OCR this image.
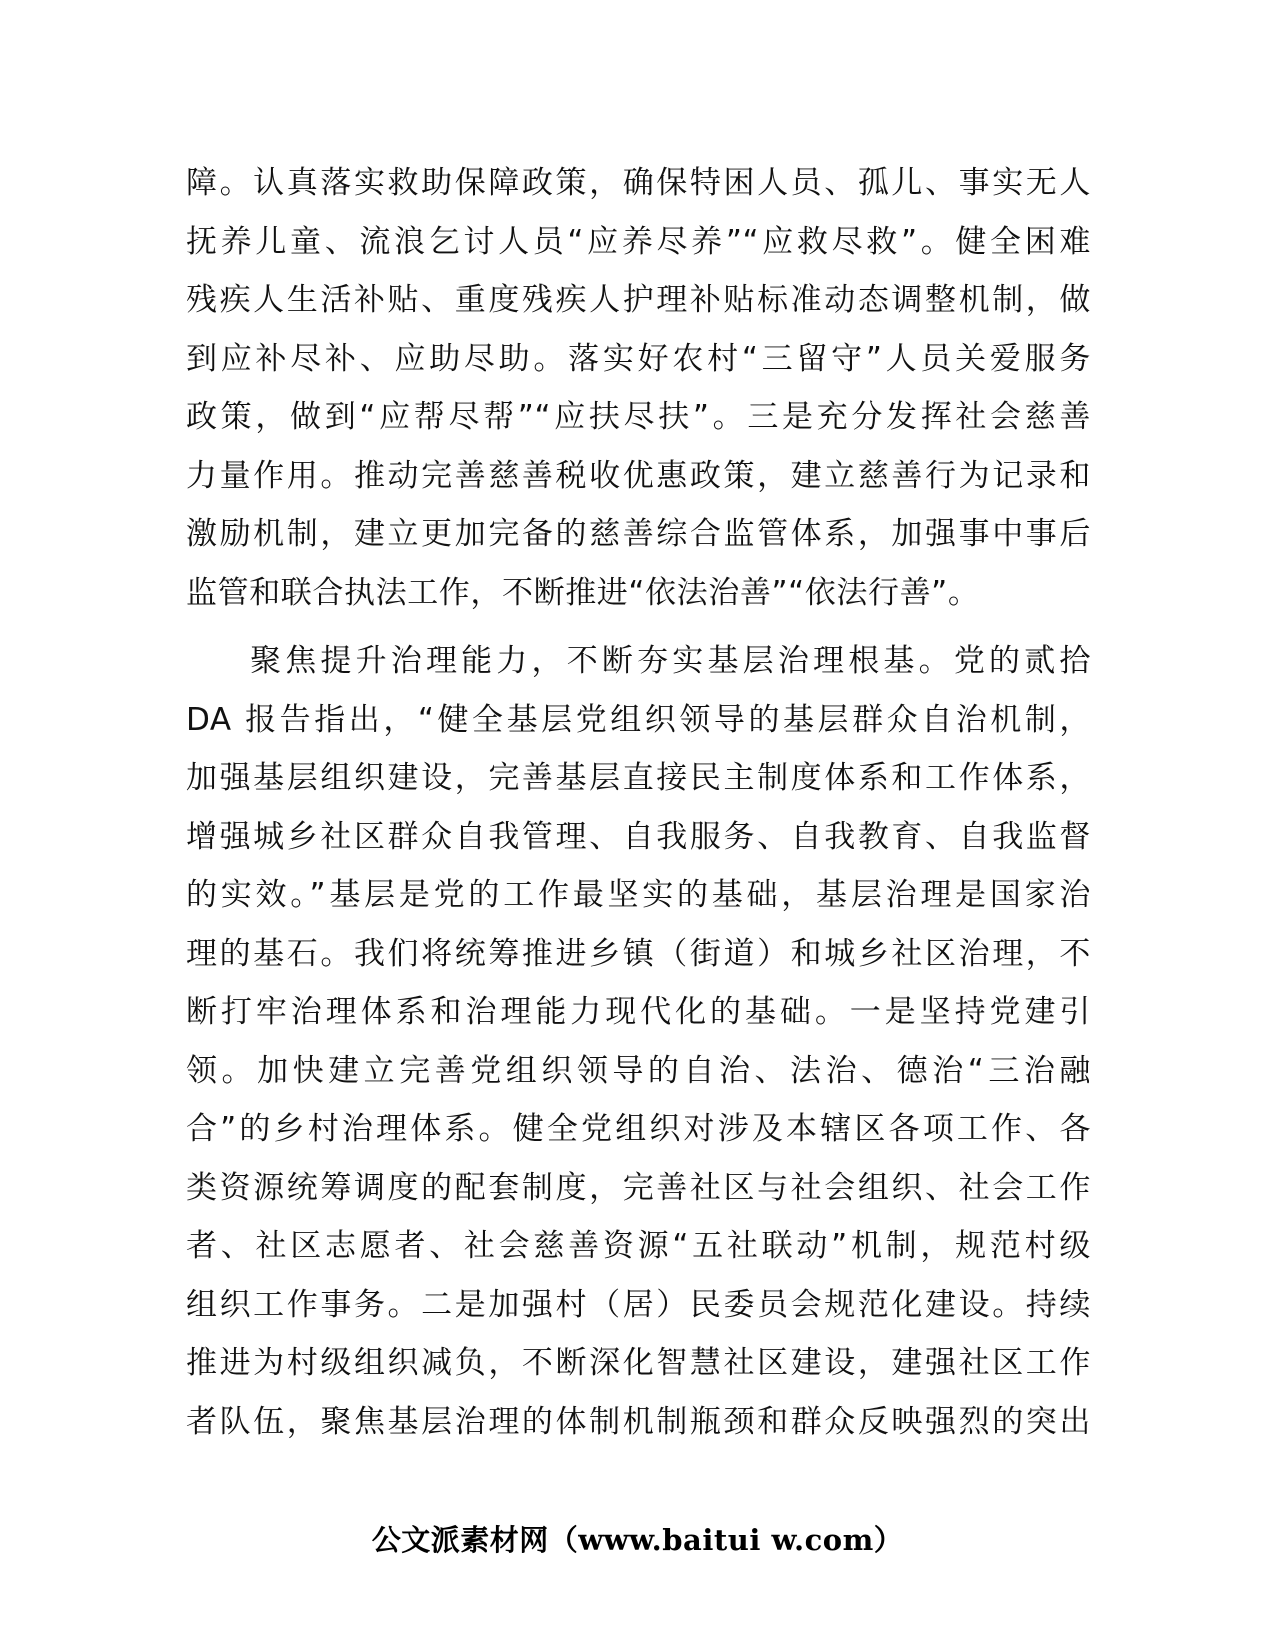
障。认真落实救助保障政策，确保特困人员、孤儿、事实无人
抚养儿童、流浪乞讨人员“应养尽养”“应救尽救”。健全困难
残疾人生活补贴、重度残疾人护理补贴标准动态调整机制，做
到应补尽补、应助尽助。落实好农村“三留守”人员关爱服务
政策，做到“应帮尽帮”“应扶尽扶”。三是充分发挥社会慈善
力量作用。推动完善慈善税收优惠政策，建立慈善行为记录和
激励机制，建立更加完备的慈善综合监管体系，加强事中事后
监管和联合执法工作，不断推进“依法治善”“依法行善”。
聚焦提升治理能力，不断夯实基层治理根基。党的贰拾
DA 报告指出，“健全基层党组织领导的基层群众自治机制，
加强基层组织建设，完善基层直接民主制度体系和工作体系，
增强城乡社区群众自我管理、自我服务、自我教育、自我监督
的实效。”基层是党的工作最坚实的基础，基层治理是国家治
理的基石。我们将统筹推进乡镇（街道）和城乡社区治理，不
断打牢治理体系和治理能力现代化的基础。一是坚持党建引
领。加快建立完善党组织领导的自治、法治、德治“三治融
合”的乡村治理体系。健全党组织对涉及本辖区各项工作、各
类资源统筹调度的配套制度，完善社区与社会组织、社会工作
者、社区志愿者、社会慈善资源“五社联动”机制，规范村级
组织工作事务。二是加强村（居）民委员会规范化建设。持续
推进为村级组织减负，不断深化智慧社区建设，建强社区工作
者队伍，聚焦基层治理的体制机制瓶颈和群众反映强烈的突出
公文派素材网（www.baitui w.com）
